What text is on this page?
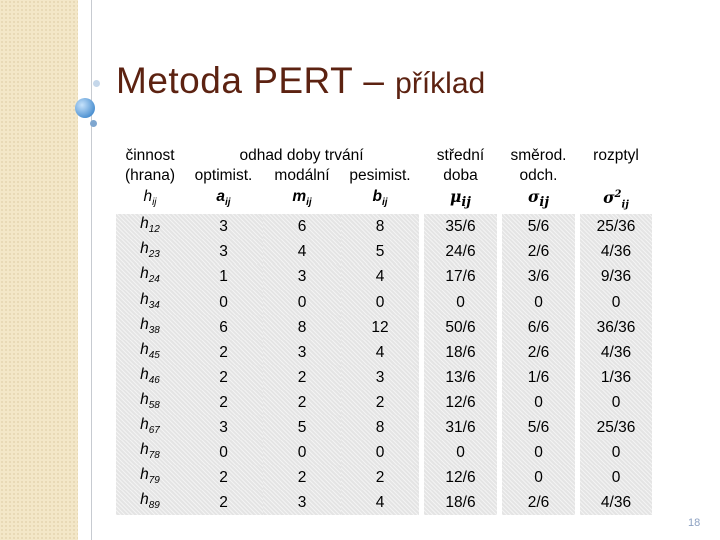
Metoda PERT – příklad
činnost	odhad doby trvání				střední		směrod.		rozptyl
(hrana)	optimist.	modální	pesimist.		doba		odch.		
$h_{ij}$	$a_{ij}$	$m_{ij}$	$b_{ij}$		$\mu_{ij}$		$\sigma_{ij}$		$\sigma^2_{ij}$
$h_{12}$	3	6	8		35/6		5/6		25/36
$h_{23}$	3	4	5		24/6		2/6		4/36
$h_{24}$	1	3	4		17/6		3/6		9/36
$h_{34}$	0	0	0		0		0		0
$h_{38}$	6	8	12		50/6		6/6		36/36
$h_{45}$	2	3	4		18/6		2/6		4/36
$h_{46}$	2	2	3		13/6		1/6		1/36
$h_{58}$	2	2	2		12/6		0		0
$h_{67}$	3	5	8		31/6		5/6		25/36
$h_{78}$	0	0	0		0		0		0
$h_{79}$	2	2	2		12/6		0		0
$h_{89}$	2	3	4		18/6		2/6		4/36
18
